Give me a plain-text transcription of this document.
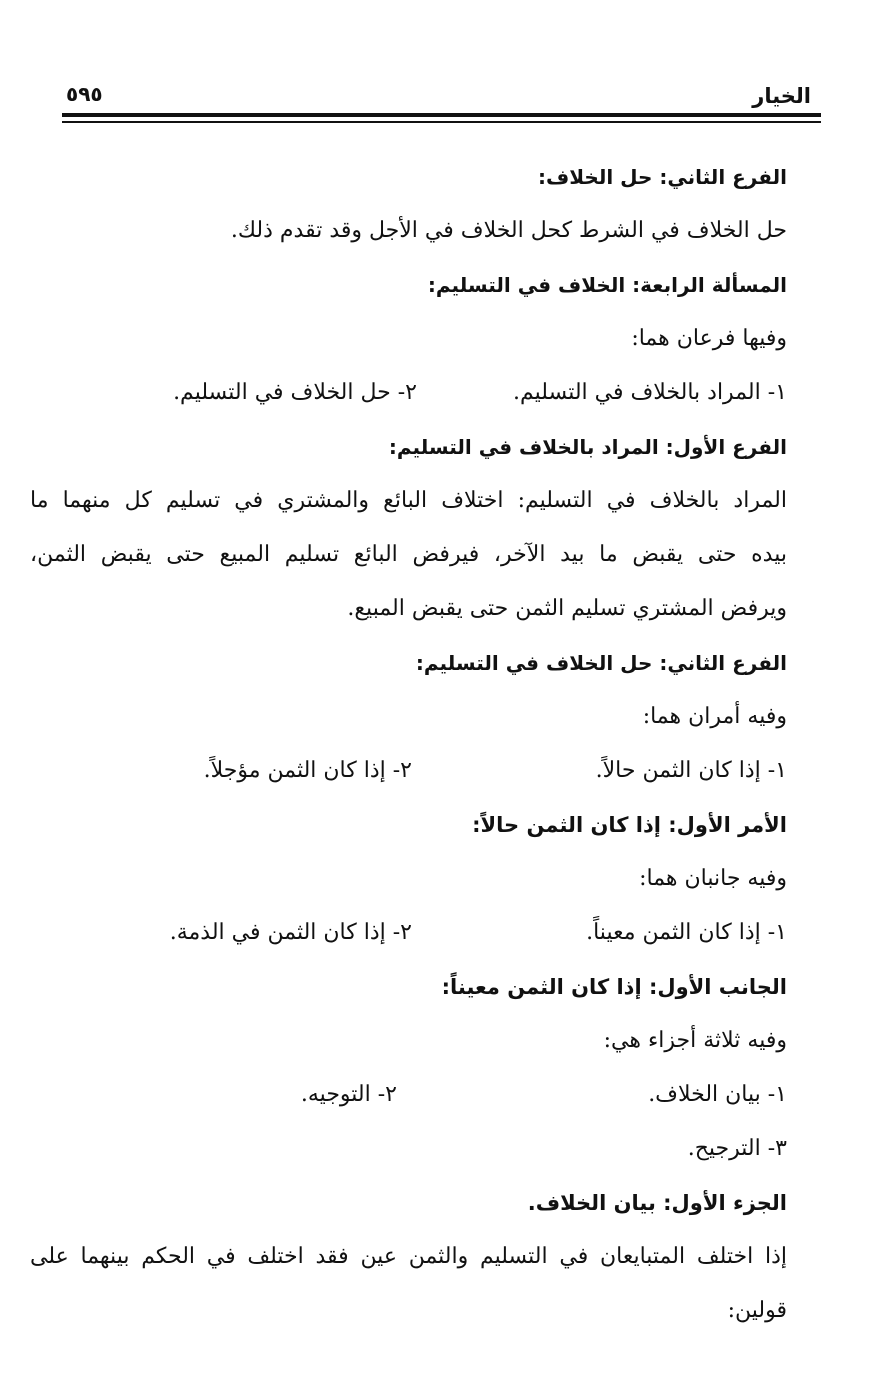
الخيار
٥٩٥
الفرع الثاني: حل الخلاف:
حل الخلاف في الشرط كحل الخلاف في الأجل وقد تقدم ذلك.
المسألة الرابعة: الخلاف في التسليم:
وفيها فرعان هما:
١- المراد بالخلاف في التسليم.
٢- حل الخلاف في التسليم.
الفرع الأول: المراد بالخلاف في التسليم:
المراد بالخلاف في التسليم: اختلاف البائع والمشتري في تسليم كل منهما ما
بيده حتى يقبض ما بيد الآخر، فيرفض البائع تسليم المبيع حتى يقبض الثمن،
ويرفض المشتري تسليم الثمن حتى يقبض المبيع.
الفرع الثاني: حل الخلاف في التسليم:
وفيه أمران هما:
١- إذا كان الثمن حالاً.
٢- إذا كان الثمن مؤجلاً.
الأمر الأول: إذا كان الثمن حالاً:
وفيه جانبان هما:
١- إذا كان الثمن معيناً.
٢- إذا كان الثمن في الذمة.
الجانب الأول: إذا كان الثمن معيناً:
وفيه ثلاثة أجزاء هي:
١- بيان الخلاف.
٢- التوجيه.
٣- الترجيح.
الجزء الأول: بيان الخلاف.
إذا اختلف المتبايعان في التسليم والثمن عين فقد اختلف في الحكم بينهما على
قولين:
